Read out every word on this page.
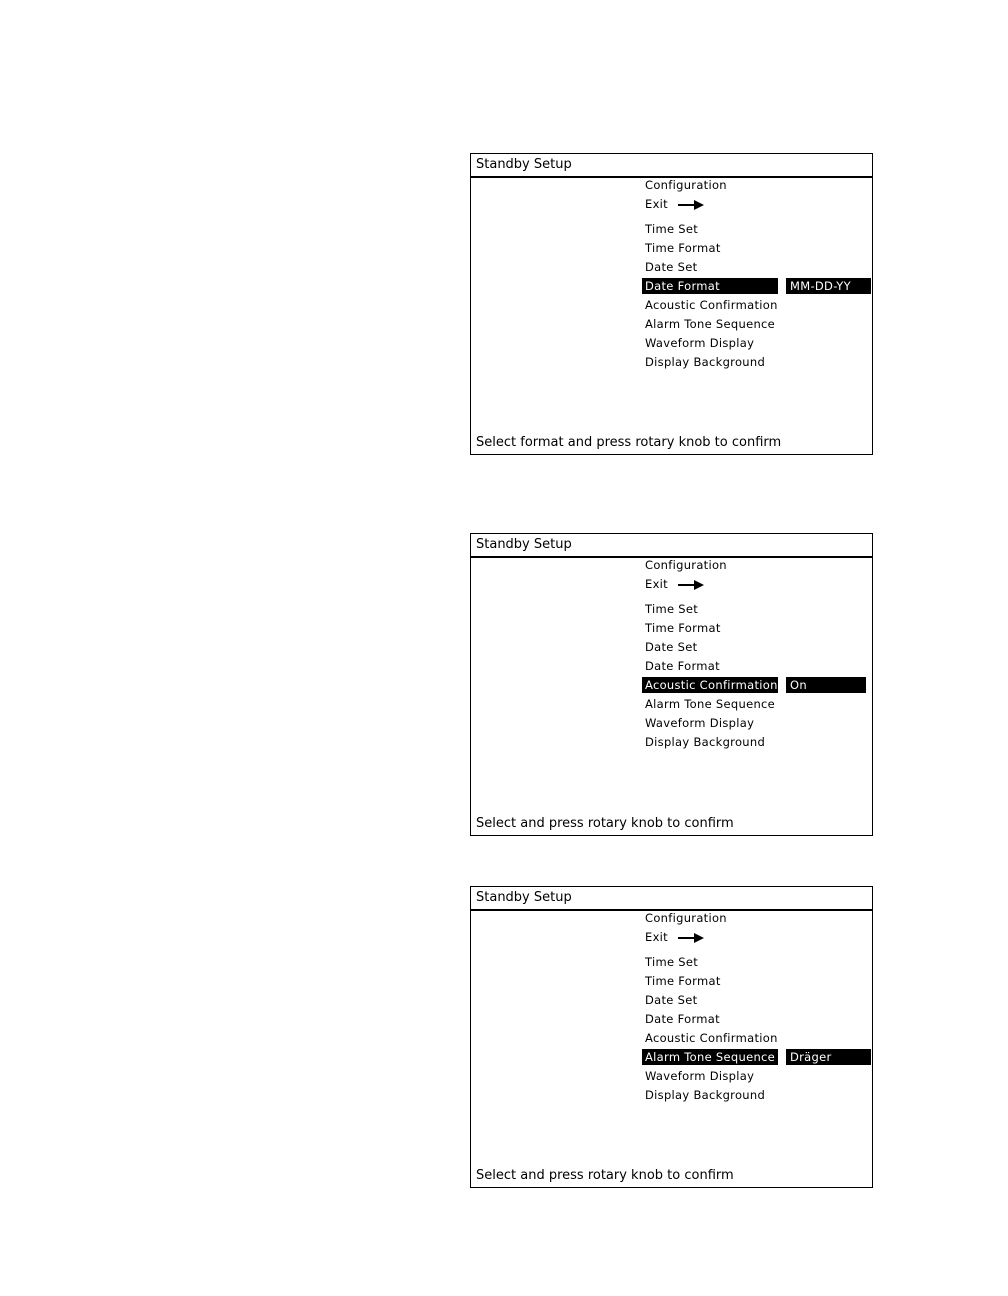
Standby Setup
Configuration
Exit
Time Set
Time Format
Date Set
Date Format	MM-DD-YY
Acoustic Confirmation
Alarm Tone Sequence
Waveform Display
Display Background
Select format and press rotary knob to confirm
Standby Setup
Configuration
Exit
Time Set
Time Format
Date Set
Date Format
Acoustic Confirmation	On
Alarm Tone Sequence
Waveform Display
Display Background
Select and press rotary knob to confirm
Standby Setup
Configuration
Exit
Time Set
Time Format
Date Set
Date Format
Acoustic Confirmation
Alarm Tone Sequence	Dräger
Waveform Display
Display Background
Select and press rotary knob to confirm
